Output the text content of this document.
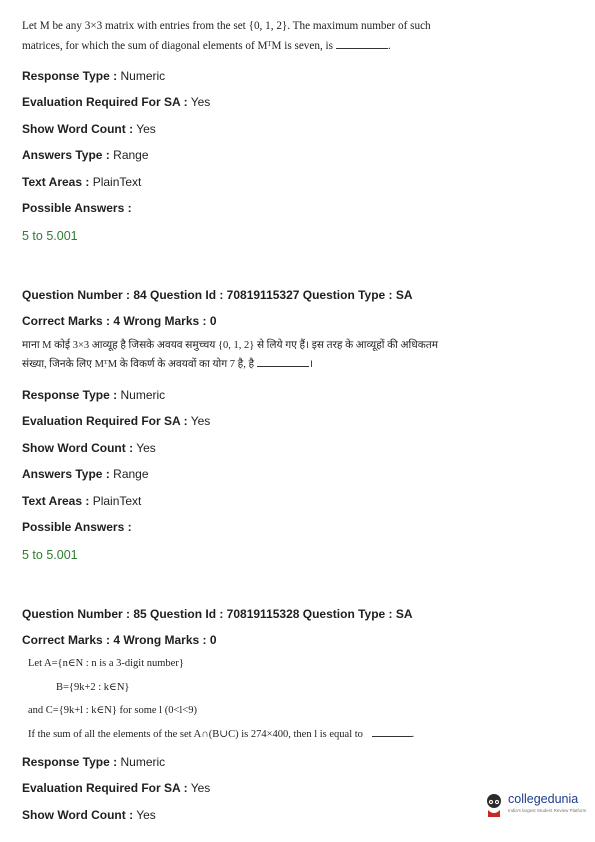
Let M be any 3×3 matrix with entries from the set {0, 1, 2}. The maximum number of such
matrices, for which the sum of diagonal elements of MᵀM is seven, is	.
Response Type : Numeric
Evaluation Required For SA : Yes
Show Word Count : Yes
Answers Type : Range
Text Areas : PlainText
Possible Answers :
5 to 5.001
Question Number : 84 Question Id : 70819115327 Question Type : SA
Correct Marks : 4 Wrong Marks : 0
माना M कोई 3×3 आव्यूह है जिसके अवयव समुच्चय {0, 1, 2} से लिये गए हैं। इस तरह के आव्यूहों की अधिकतम
संख्या, जिनके लिए MᵀM के विकर्ण के अवयवों का योग 7 है, है	।
Response Type : Numeric
Evaluation Required For SA : Yes
Show Word Count : Yes
Answers Type : Range
Text Areas : PlainText
Possible Answers :
5 to 5.001
Question Number : 85 Question Id : 70819115328 Question Type : SA
Correct Marks : 4 Wrong Marks : 0
Let A={n∈N : n is a 3-digit number}
B={9k+2 : k∈N}
and C={9k+l : k∈N} for some l (0<l<9)
If the sum of all the elements of the set A∩(B∪C) is 274×400, then l is equal to	.
Response Type : Numeric
Evaluation Required For SA : Yes
Show Word Count : Yes
collegedunia
India's largest Student Review Platform
